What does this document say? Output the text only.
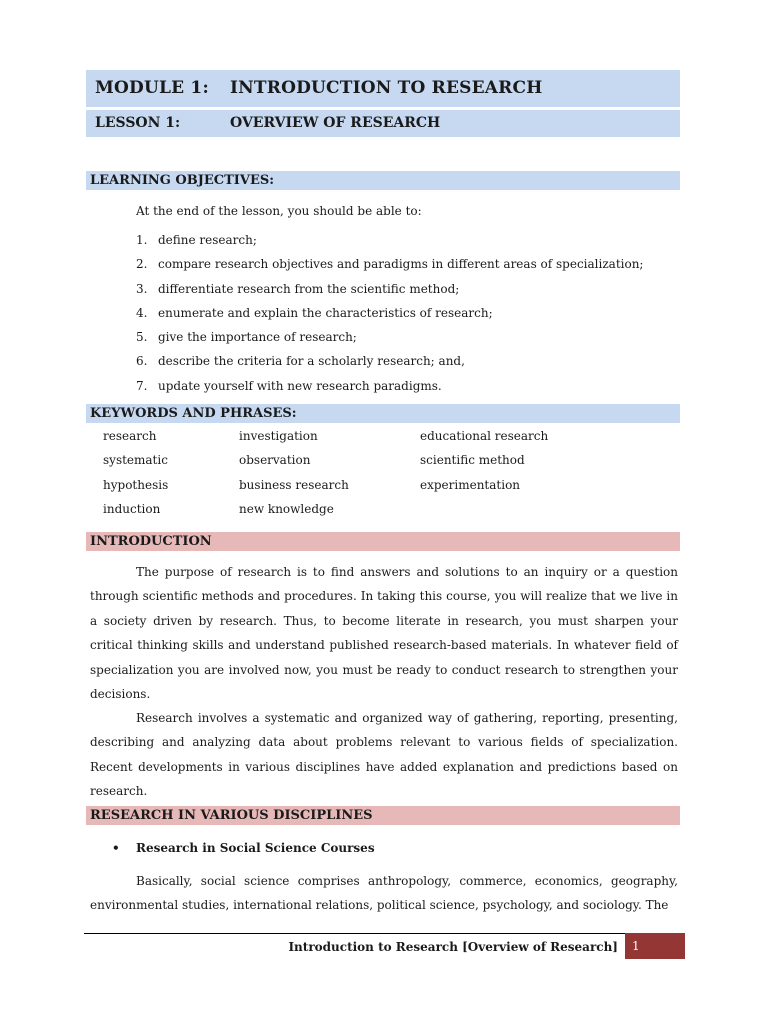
MODULE 1: INTRODUCTION TO RESEARCH
LESSON 1:	OVERVIEW OF RESEARCH
LEARNING OBJECTIVES:
At the end of the lesson, you should be able to:
1. define research;
2. compare research objectives and paradigms in different areas of specialization;
3. differentiate research from the scientific method;
4. enumerate and explain the characteristics of research;
5. give the importance of research;
6. describe the criteria for a scholarly research; and,
7. update yourself with new research paradigms.
KEYWORDS AND PHRASES:
research	investigation	educational research
systematic	observation	scientific method
hypothesis	business research	experimentation
induction	new knowledge
INTRODUCTION

The purpose of research is to find answers and solutions to an inquiry or a question through scientific methods and procedures. In taking this course, you will realize that we live in a society driven by research. Thus, to become literate in research, you must sharpen your critical thinking skills and understand published research-based materials. In whatever field of specialization you are involved now, you must be ready to conduct research to strengthen your decisions.

Research involves a systematic and organized way of gathering, reporting, presenting, describing and analyzing data about problems relevant to various fields of specialization. Recent developments in various disciplines have added explanation and predictions based on research.

RESEARCH IN VARIOUS DISCIPLINES
• Research in Social Science Courses

Basically, social science comprises anthropology, commerce, economics, geography, environmental studies, international relations, political science, psychology, and sociology. The

Introduction to Research [Overview of Research] 1
